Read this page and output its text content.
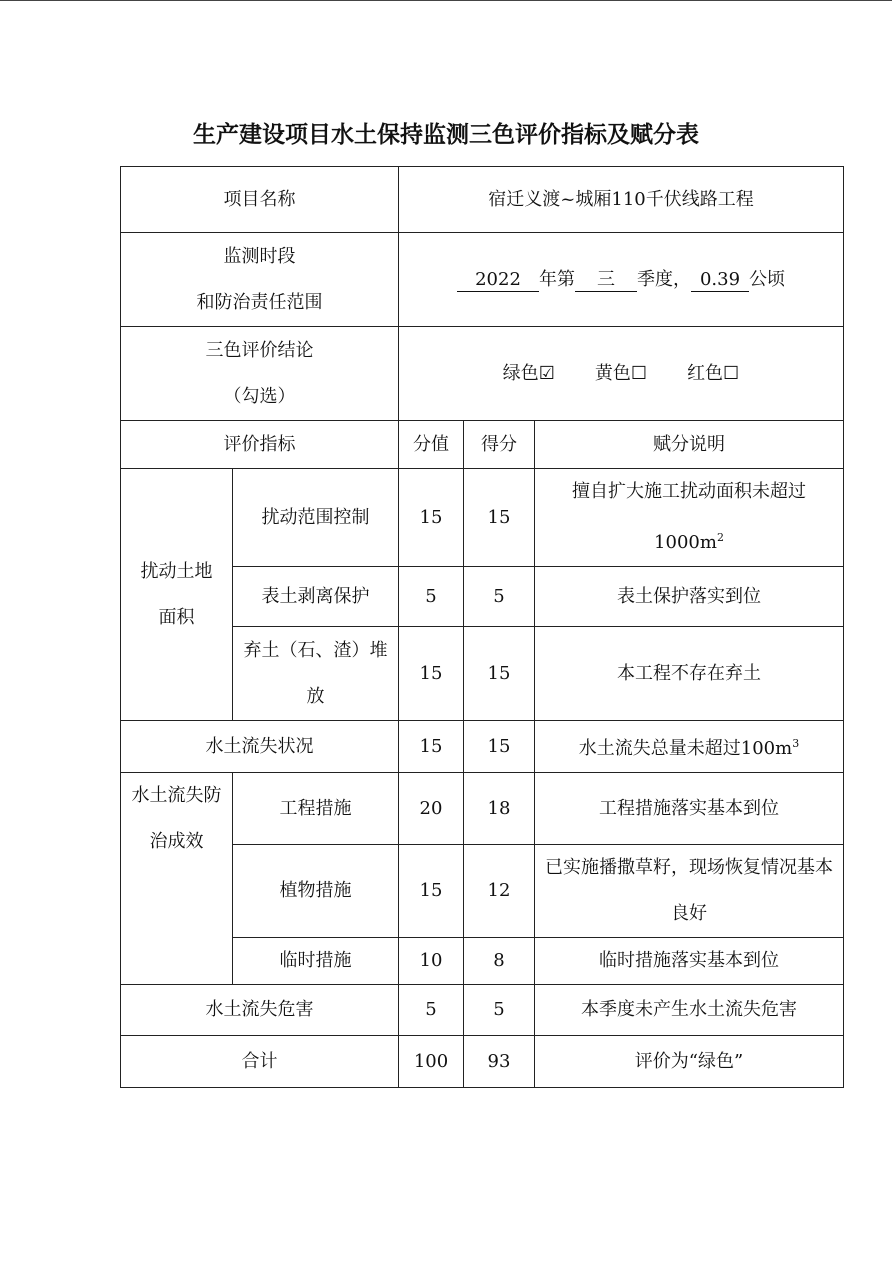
生产建设项目水土保持监测三色评价指标及赋分表
项目名称		宿迁义渡~城厢110千伏线路工程		

监测时段
和防治责任范围		2022 年第 三 季度， 0.39 公顷		

三色评价结论
（勾选）		绿色☑ 黄色☐ 红色☐		
评价指标		分值	得分	赋分说明
扰动土地面积	扰动范围控制	15	15	擅自扩大施工扰动面积未超过
$1000m^2$

	表土剥离保护	5	5	表土保护落实到位
	弃土（石、渣）堆放	15	15	本工程不存在弃土
水土流失状况		15	15	水土流失总量未超过$100m^3$
水土流失防治成效	工程措施	20	18	工程措施落实基本到位
	植物措施	15	12	已实施播撒草籽，现场恢复情况基本良好
	临时措施	10	8	临时措施落实基本到位
水土流失危害		5	5	本季度未产生水土流失危害
合计		100	93	评价为“绿色”
